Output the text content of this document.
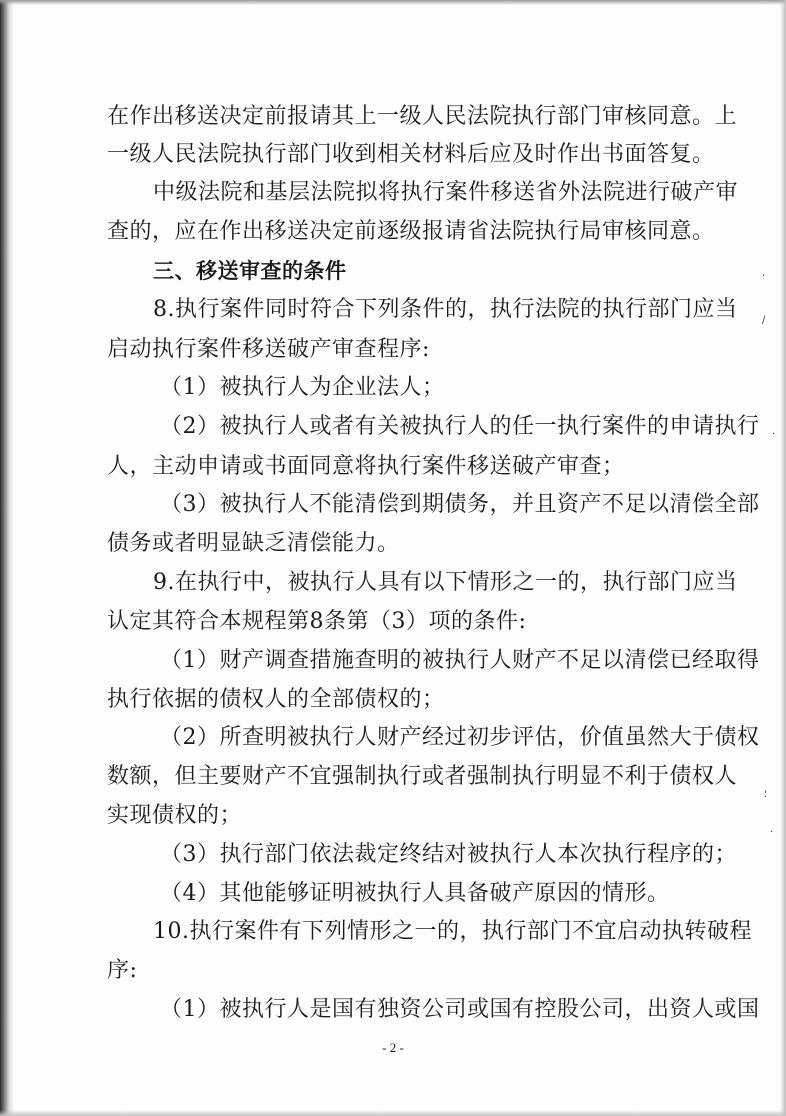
·
/
·
⸵
·
在作出移送决定前报请其上一级人民法院执行部门审核同意。上
一级人民法院执行部门收到相关材料后应及时作出书面答复。
中级法院和基层法院拟将执行案件移送省外法院进行破产审
查的，应在作出移送决定前逐级报请省法院执行局审核同意。
三、移送审查的条件
8.执行案件同时符合下列条件的，执行法院的执行部门应当
启动执行案件移送破产审查程序:
（1）被执行人为企业法人；
（2）被执行人或者有关被执行人的任一执行案件的申请执行
人，主动申请或书面同意将执行案件移送破产审查；
（3）被执行人不能清偿到期债务，并且资产不足以清偿全部
债务或者明显缺乏清偿能力。
9.在执行中，被执行人具有以下情形之一的，执行部门应当
认定其符合本规程第8条第（3）项的条件:
（1）财产调查措施查明的被执行人财产不足以清偿已经取得
执行依据的债权人的全部债权的；
（2）所查明被执行人财产经过初步评估，价值虽然大于债权
数额，但主要财产不宜强制执行或者强制执行明显不利于债权人
实现债权的；
（3）执行部门依法裁定终结对被执行人本次执行程序的；
（4）其他能够证明被执行人具备破产原因的情形。
10.执行案件有下列情形之一的，执行部门不宜启动执转破程
序:
（1）被执行人是国有独资公司或国有控股公司，出资人或国
- 2 -
